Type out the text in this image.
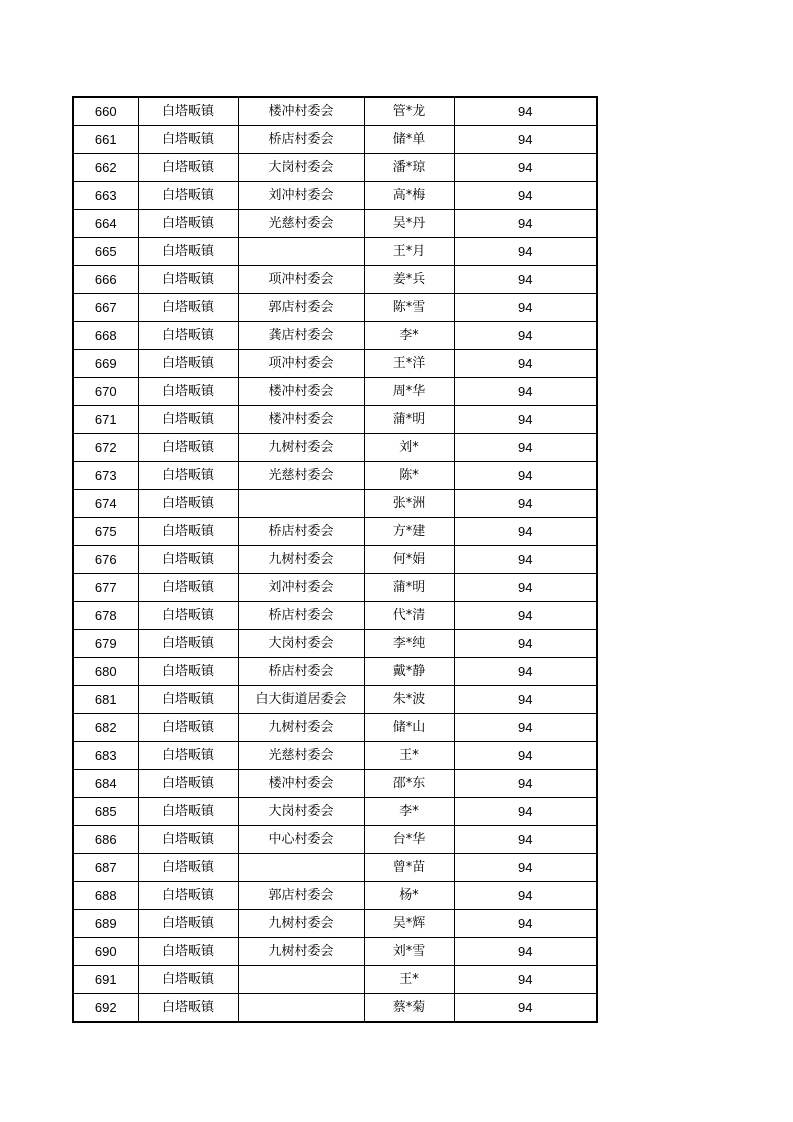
660	白塔畈镇	楼冲村委会	管*龙	94
661	白塔畈镇	桥店村委会	储*单	94
662	白塔畈镇	大岗村委会	潘*琼	94
663	白塔畈镇	刘冲村委会	高*梅	94
664	白塔畈镇	光慈村委会	吴*丹	94
665	白塔畈镇		王*月	94
666	白塔畈镇	项冲村委会	姜*兵	94
667	白塔畈镇	郭店村委会	陈*雪	94
668	白塔畈镇	龚店村委会	李*	94
669	白塔畈镇	项冲村委会	王*洋	94
670	白塔畈镇	楼冲村委会	周*华	94
671	白塔畈镇	楼冲村委会	蒲*明	94
672	白塔畈镇	九树村委会	刘*	94
673	白塔畈镇	光慈村委会	陈*	94
674	白塔畈镇		张*洲	94
675	白塔畈镇	桥店村委会	方*建	94
676	白塔畈镇	九树村委会	何*娟	94
677	白塔畈镇	刘冲村委会	蒲*明	94
678	白塔畈镇	桥店村委会	代*清	94
679	白塔畈镇	大岗村委会	李*纯	94
680	白塔畈镇	桥店村委会	戴*静	94
681	白塔畈镇	白大街道居委会	朱*波	94
682	白塔畈镇	九树村委会	储*山	94
683	白塔畈镇	光慈村委会	王*	94
684	白塔畈镇	楼冲村委会	邵*东	94
685	白塔畈镇	大岗村委会	李*	94
686	白塔畈镇	中心村委会	台*华	94
687	白塔畈镇		曾*苗	94
688	白塔畈镇	郭店村委会	杨*	94
689	白塔畈镇	九树村委会	吴*辉	94
690	白塔畈镇	九树村委会	刘*雪	94
691	白塔畈镇		王*	94
692	白塔畈镇		蔡*菊	94
